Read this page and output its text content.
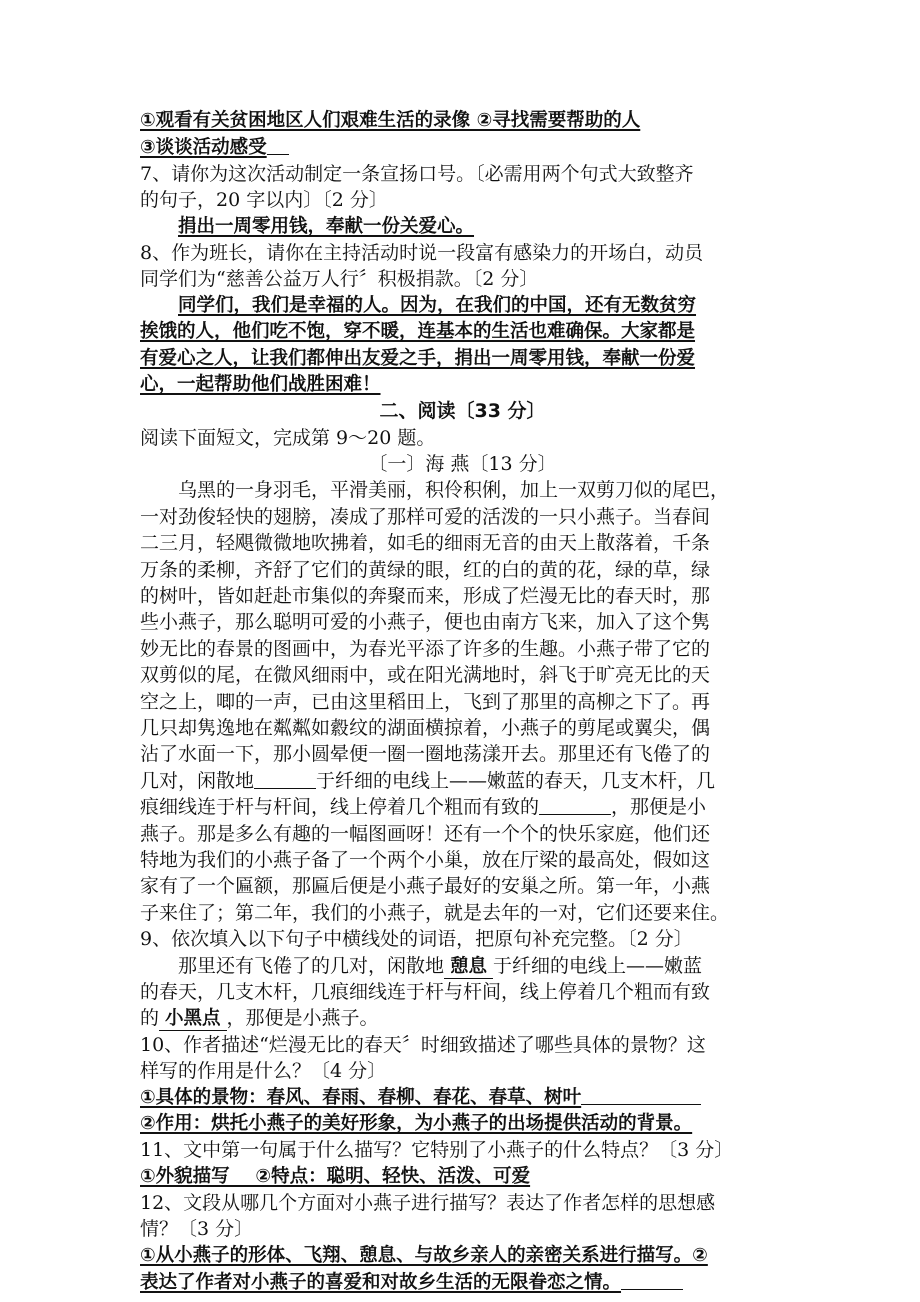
①观看有关贫困地区人们艰难生活的录像 ②寻找需要帮助的人
③谈谈活动感受
7、请你为这次活动制定一条宣扬口号。〔必需用两个句式大致整齐
的句子，20 字以内〕〔2 分〕
捐出一周零用钱，奉献一份关爱心。
8、作为班长，请你在主持活动时说一段富有感染力的开场白，动员
同学们为“慈善公益万人行〞积极捐款。〔2 分〕
同学们，我们是幸福的人。因为，在我们的中国，还有无数贫穷
挨饿的人，他们吃不饱，穿不暖，连基本的生活也难确保。大家都是
有爱心之人，让我们都伸出友爱之手，捐出一周零用钱，奉献一份爱
心，一起帮助他们战胜困难！
二、阅读〔33 分〕
阅读下面短文，完成第 9～20 题。
〔一〕海 燕〔13 分〕
乌黑的一身羽毛，平滑美丽，积伶积俐，加上一双剪刀似的尾巴，
一对劲俊轻快的翅膀，凑成了那样可爱的活泼的一只小燕子。当春间
二三月，轻飓微微地吹拂着，如毛的细雨无音的由天上散落着，千条
万条的柔柳，齐舒了它们的黄绿的眼，红的白的黄的花，绿的草，绿
的树叶，皆如赶赴市集似的奔聚而来，形成了烂漫无比的春天时，那
些小燕子，那么聪明可爱的小燕子，便也由南方飞来，加入了这个隽
妙无比的春景的图画中，为春光平添了许多的生趣。小燕子带了它的
双剪似的尾，在微风细雨中，或在阳光满地时，斜飞于旷亮无比的天
空之上，唧的一声，已由这里稻田上，飞到了那里的高柳之下了。再
几只却隽逸地在粼粼如縠纹的湖面横掠着，小燕子的剪尾或翼尖，偶
沾了水面一下，那小圆晕便一圈一圈地荡漾开去。那里还有飞倦了的
几对，闲散地	于纤细的电线上——嫩蓝的春天，几支木杆，几
痕细线连于杆与杆间，线上停着几个粗而有致的	，那便是小
燕子。那是多么有趣的一幅图画呀！还有一个个的快乐家庭，他们还
特地为我们的小燕子备了一个两个小巢，放在厅梁的最高处，假如这
家有了一个匾额，那匾后便是小燕子最好的安巢之所。第一年，小燕
子来住了；第二年，我们的小燕子，就是去年的一对，它们还要来住。
9、依次填入以下句子中横线处的词语，把原句补充完整。〔2 分〕
那里还有飞倦了的几对，闲散地 憩息 于纤细的电线上——嫩蓝
的春天，几支木杆，几痕细线连于杆与杆间，线上停着几个粗而有致
的 小黑点 ，那便是小燕子。
10、作者描述“烂漫无比的春天〞时细致描述了哪些具体的景物？这
样写的作用是什么？〔4 分〕
①具体的景物：春风、春雨、春柳、春花、春草、树叶
②作用：烘托小燕子的美好形象，为小燕子的出场提供活动的背景。
11、文中第一句属于什么描写？它特别了小燕子的什么特点？〔3 分〕
①外貌描写    ②特点：聪明、轻快、活泼、可爱
12、文段从哪几个方面对小燕子进行描写？表达了作者怎样的思想感
情？〔3 分〕
①从小燕子的形体、飞翔、憩息、与故乡亲人的亲密关系进行描写。②
表达了作者对小燕子的喜爱和对故乡生活的无限眷恋之情。
